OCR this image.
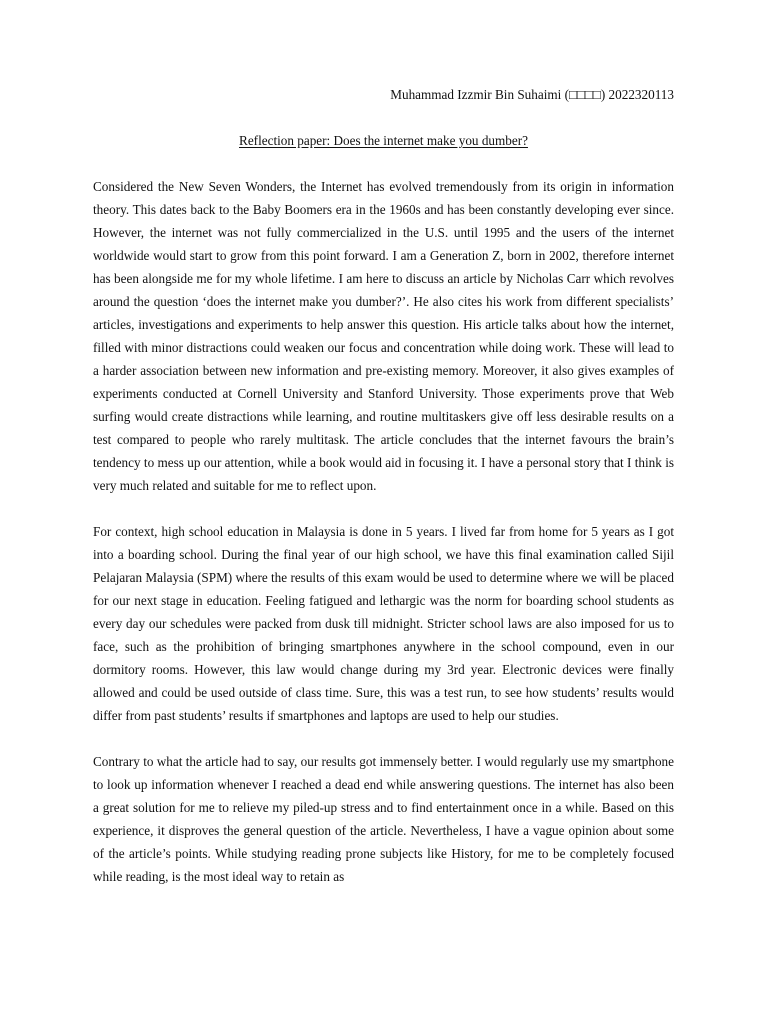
Muhammad Izzmir Bin Suhaimi (□□□□) 2022320113

Reflection paper: Does the internet make you dumber?

Considered the New Seven Wonders, the Internet has evolved tremendously from its origin in information theory. This dates back to the Baby Boomers era in the 1960s and has been constantly developing ever since. However, the internet was not fully commercialized in the U.S. until 1995 and the users of the internet worldwide would start to grow from this point forward. I am a Generation Z, born in 2002, therefore internet has been alongside me for my whole lifetime. I am here to discuss an article by Nicholas Carr which revolves around the question ‘does the internet make you dumber?’. He also cites his work from different specialists’ articles, investigations and experiments to help answer this question. His article talks about how the internet, filled with minor distractions could weaken our focus and concentration while doing work. These will lead to a harder association between new information and pre-existing memory. Moreover, it also gives examples of experiments conducted at Cornell University and Stanford University. Those experiments prove that Web surfing would create distractions while learning, and routine multitaskers give off less desirable results on a test compared to people who rarely multitask. The article concludes that the internet favours the brain’s tendency to mess up our attention, while a book would aid in focusing it. I have a personal story that I think is very much related and suitable for me to reflect upon.

For context, high school education in Malaysia is done in 5 years. I lived far from home for 5 years as I got into a boarding school. During the final year of our high school, we have this final examination called Sijil Pelajaran Malaysia (SPM) where the results of this exam would be used to determine where we will be placed for our next stage in education. Feeling fatigued and lethargic was the norm for boarding school students as every day our schedules were packed from dusk till midnight. Stricter school laws are also imposed for us to face, such as the prohibition of bringing smartphones anywhere in the school compound, even in our dormitory rooms. However, this law would change during my 3rd year. Electronic devices were finally allowed and could be used outside of class time. Sure, this was a test run, to see how students’ results would differ from past students’ results if smartphones and laptops are used to help our studies.

Contrary to what the article had to say, our results got immensely better. I would regularly use my smartphone to look up information whenever I reached a dead end while answering questions. The internet has also been a great solution for me to relieve my piled-up stress and to find entertainment once in a while. Based on this experience, it disproves the general question of the article. Nevertheless, I have a vague opinion about some of the article’s points. While studying reading prone subjects like History, for me to be completely focused while reading, is the most ideal way to retain as
